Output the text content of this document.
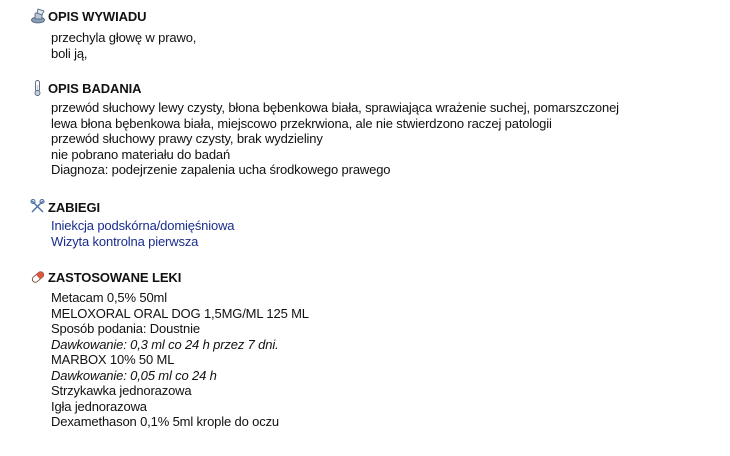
OPIS WYWIADU
przechyla głowę w prawo,
boli ją,
OPIS BADANIA
przewód słuchowy lewy czysty, błona bębenkowa biała, sprawiająca wrażenie suchej, pomarszczonej
lewa błona bębenkowa biała, miejscowo przekrwiona, ale nie stwierdzono raczej patologii
przewód słuchowy prawy czysty, brak wydzieliny
nie pobrano materiału do badań
Diagnoza: podejrzenie zapalenia ucha środkowego prawego
ZABIEGI
Iniekcja podskórna/domięśniowa
Wizyta kontrolna pierwsza
ZASTOSOWANE LEKI
Metacam 0,5% 50ml
MELOXORAL ORAL DOG 1,5MG/ML 125 ML
Sposób podania: Doustnie
Dawkowanie: 0,3 ml co 24 h przez 7 dni.
MARBOX 10% 50 ML
Dawkowanie: 0,05 ml co 24 h
Strzykawka jednorazowa
Igła jednorazowa
Dexamethason 0,1% 5ml krople do oczu
